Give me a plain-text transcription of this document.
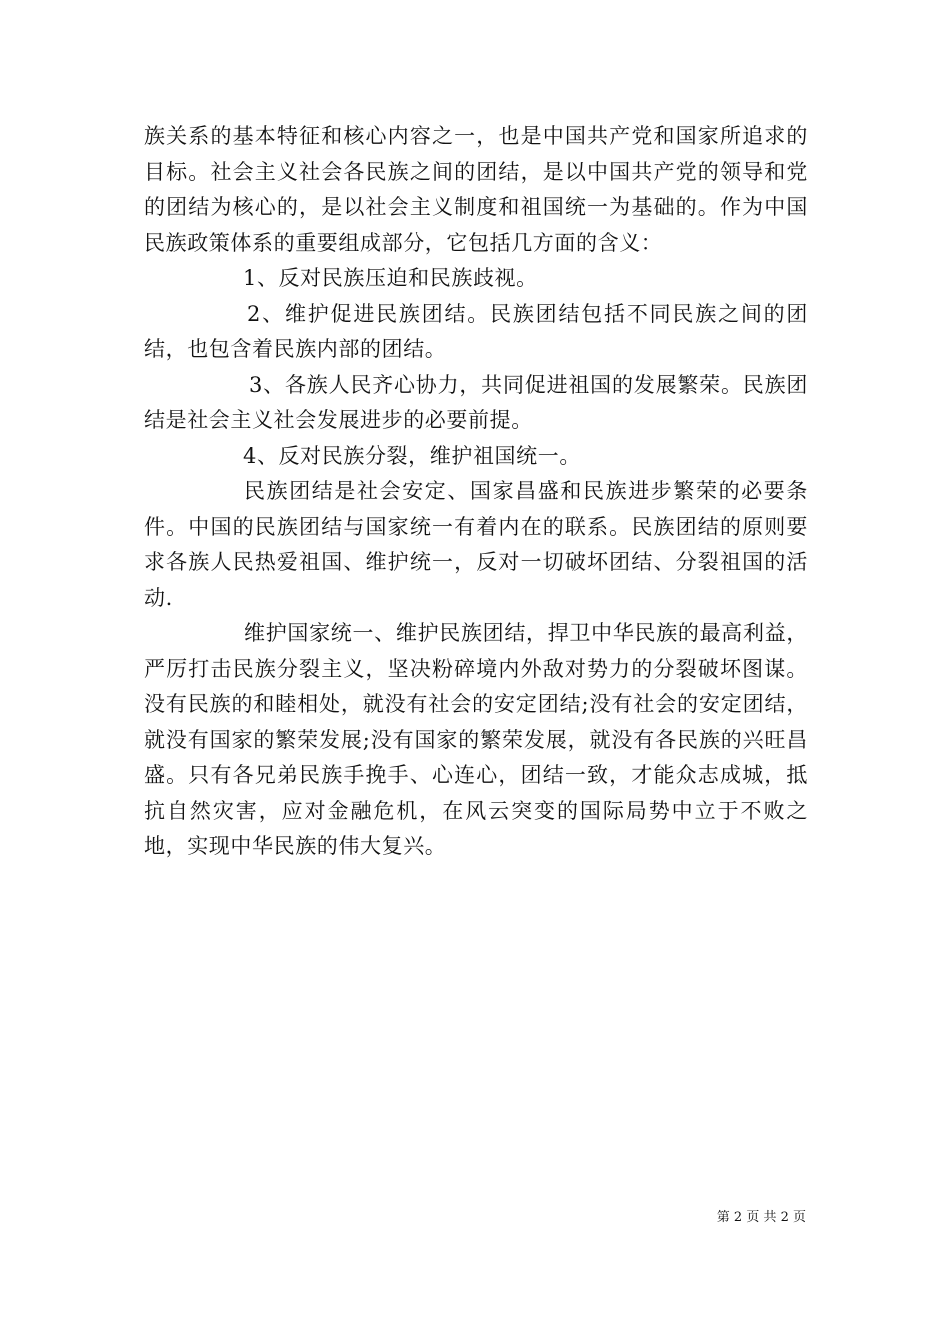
族关系的基本特征和核心内容之一，也是中国共产党和国家所追求的目标。社会主义社会各民族之间的团结，是以中国共产党的领导和党的团结为核心的，是以社会主义制度和祖国统一为基础的。作为中国民族政策体系的重要组成部分，它包括几方面的含义：

1、反对民族压迫和民族歧视。

2、维护促进民族团结。民族团结包括不同民族之间的团结，也包含着民族内部的团结。

3、各族人民齐心协力，共同促进祖国的发展繁荣。民族团结是社会主义社会发展进步的必要前提。

4、反对民族分裂，维护祖国统一。

民族团结是社会安定、国家昌盛和民族进步繁荣的必要条件。中国的民族团结与国家统一有着内在的联系。民族团结的原则要求各族人民热爱祖国、维护统一，反对一切破坏团结、分裂祖国的活动.

维护国家统一、维护民族团结，捍卫中华民族的最高利益，严厉打击民族分裂主义，坚决粉碎境内外敌对势力的分裂破坏图谋。没有民族的和睦相处，就没有社会的安定团结;没有社会的安定团结，就没有国家的繁荣发展;没有国家的繁荣发展，就没有各民族的兴旺昌盛。只有各兄弟民族手挽手、心连心，团结一致，才能众志成城，抵抗自然灾害，应对金融危机，在风云突变的国际局势中立于不败之地，实现中华民族的伟大复兴。

第 2 页 共 2 页
